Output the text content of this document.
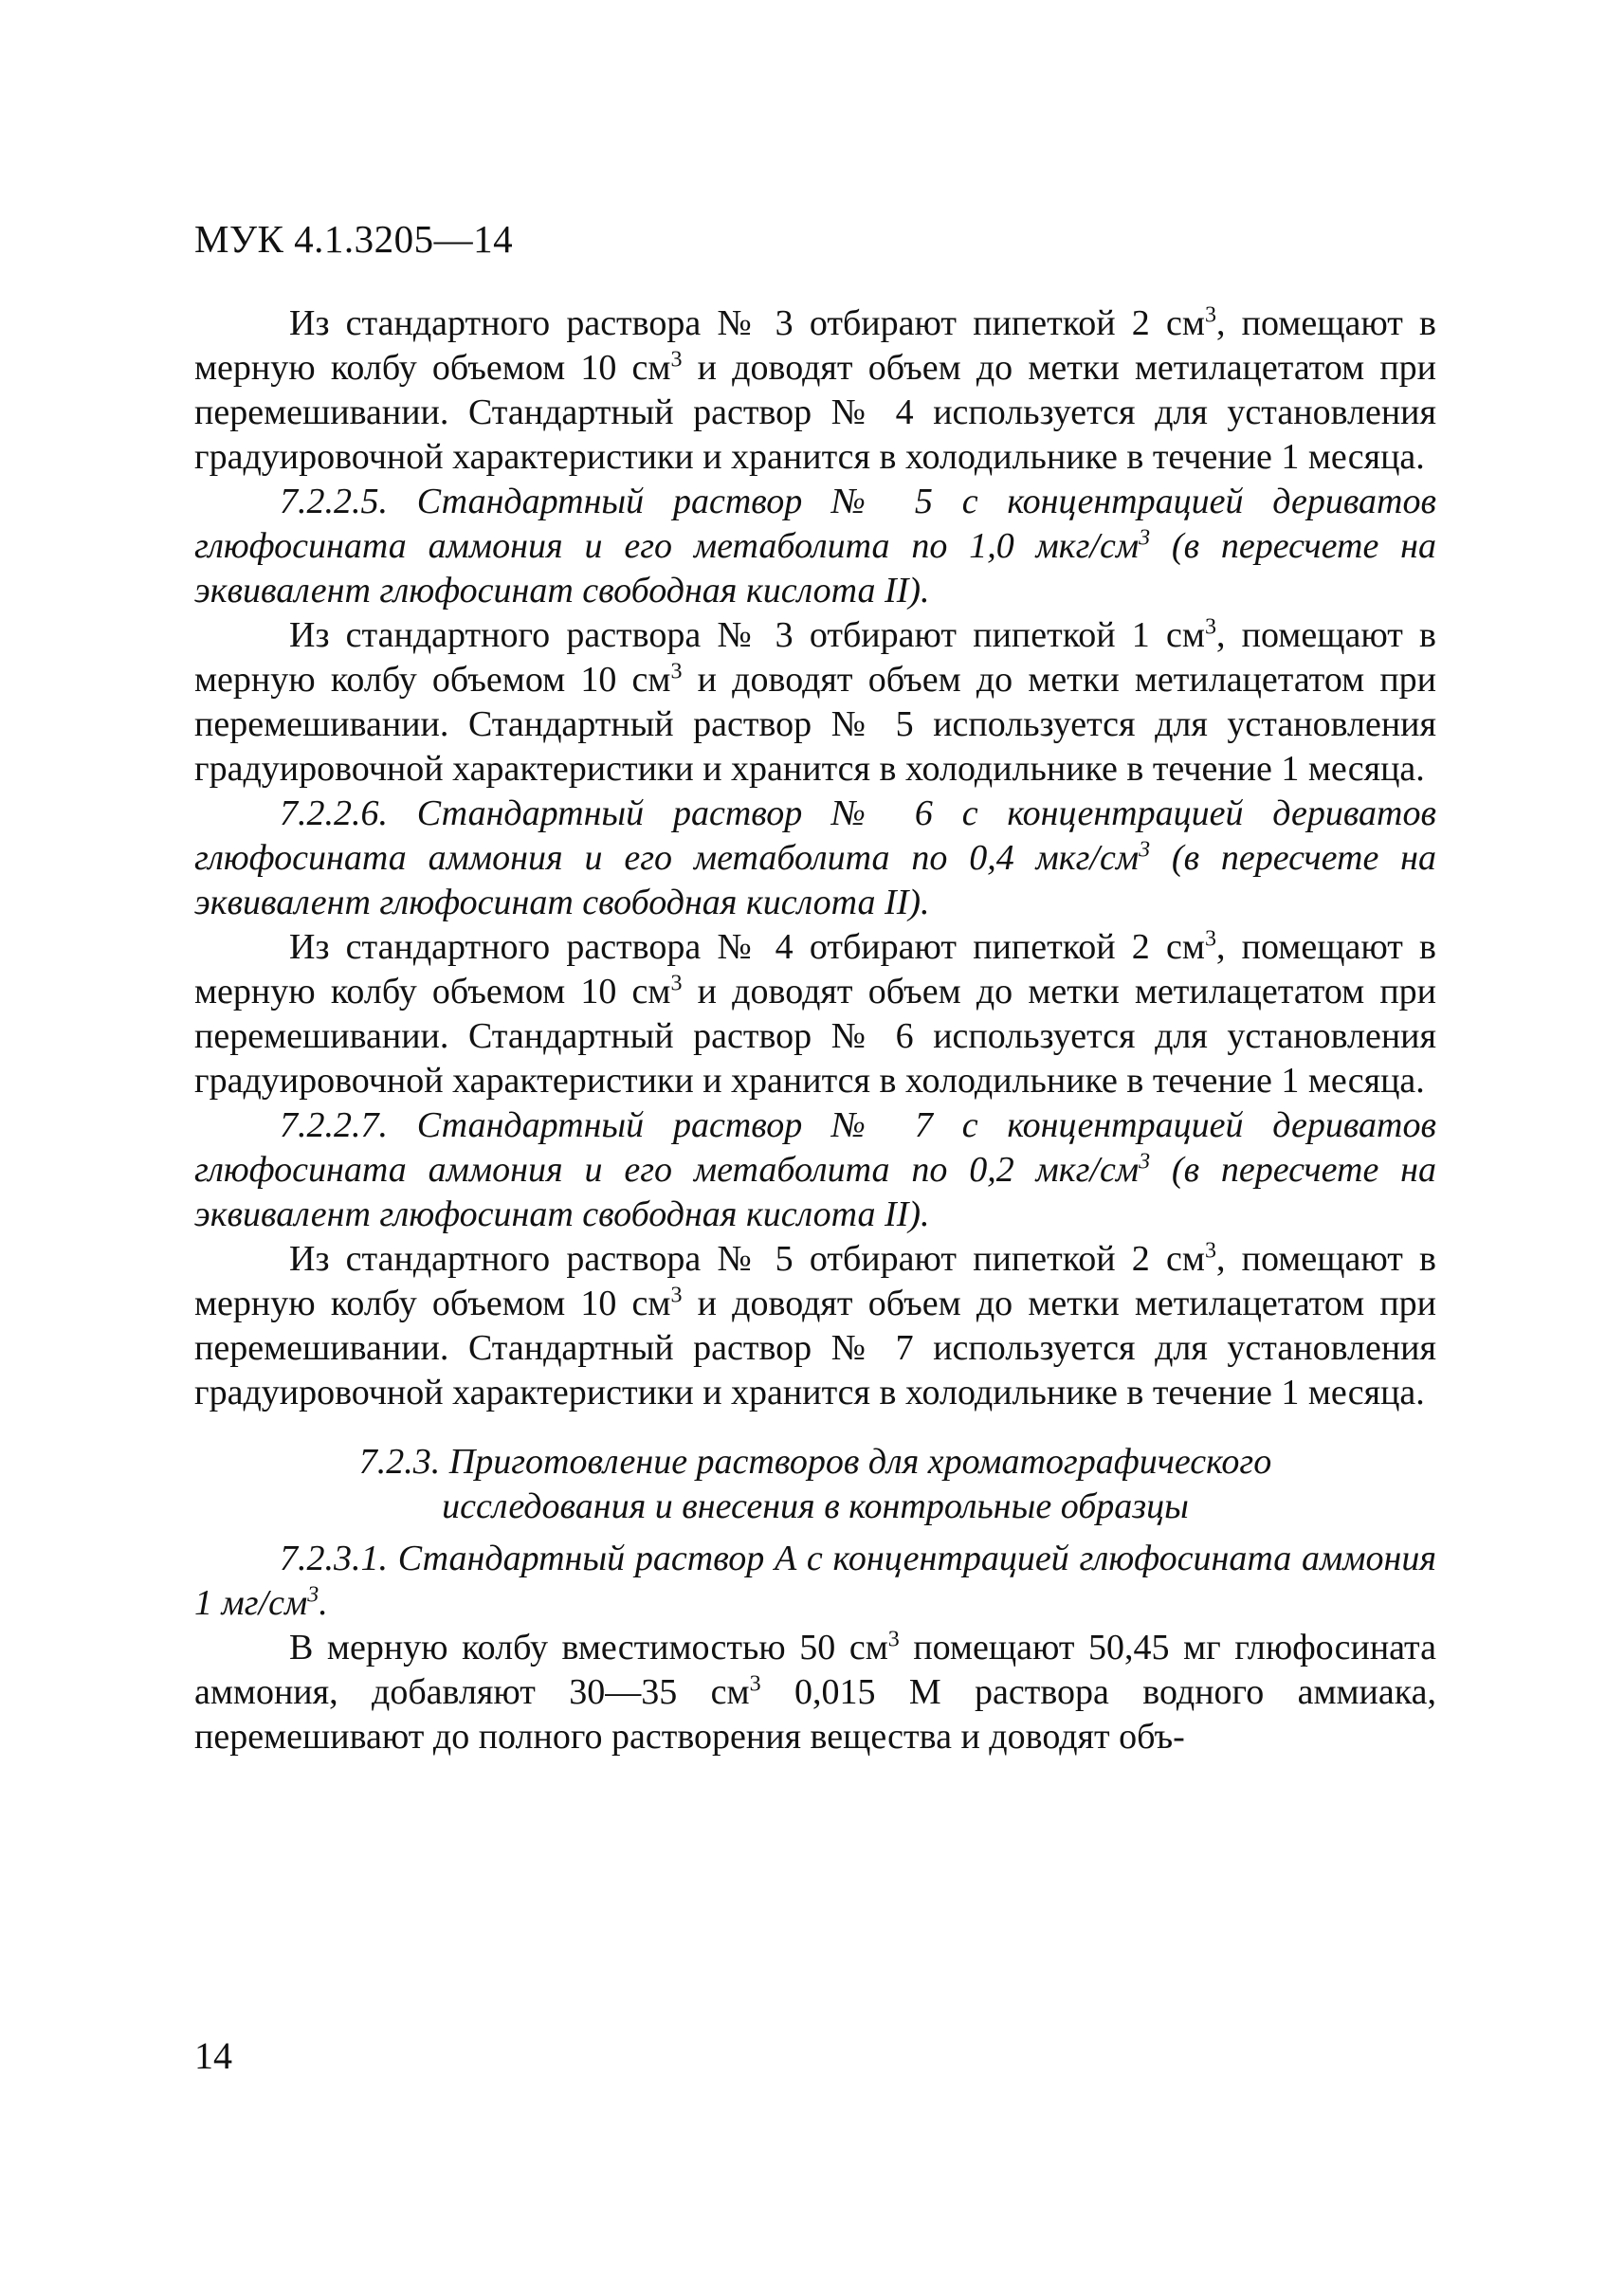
МУК 4.1.3205—14

Из стандартного раствора № 3 отбирают пипеткой 2 $см^3$, помещают в мерную колбу объемом 10 $см^3$ и доводят объем до метки метилацетатом при перемешивании. Стандартный раствор № 4 используется для установления градуировочной характеристики и хранится в холодильнике в течение 1 месяца.

7.2.2.5. Стандартный раствор № 5 с концентрацией дериватов глюфосината аммония и его метаболита по 1,0 мкг/$см^3$ (в пересчете на эквивалент глюфосинат свободная кислота II).

Из стандартного раствора № 3 отбирают пипеткой 1 $см^3$, помещают в мерную колбу объемом 10 $см^3$ и доводят объем до метки метилацетатом при перемешивании. Стандартный раствор № 5 используется для установления градуировочной характеристики и хранится в холодильнике в течение 1 месяца.

7.2.2.6. Стандартный раствор № 6 с концентрацией дериватов глюфосината аммония и его метаболита по 0,4 мкг/$см^3$ (в пересчете на эквивалент глюфосинат свободная кислота II).

Из стандартного раствора № 4 отбирают пипеткой 2 $см^3$, помещают в мерную колбу объемом 10 $см^3$ и доводят объем до метки метилацетатом при перемешивании. Стандартный раствор № 6 используется для установления градуировочной характеристики и хранится в холодильнике в течение 1 месяца.

7.2.2.7. Стандартный раствор № 7 с концентрацией дериватов глюфосината аммония и его метаболита по 0,2 мкг/$см^3$ (в пересчете на эквивалент глюфосинат свободная кислота II).

Из стандартного раствора № 5 отбирают пипеткой 2 $см^3$, помещают в мерную колбу объемом 10 $см^3$ и доводят объем до метки метилацетатом при перемешивании. Стандартный раствор № 7 используется для установления градуировочной характеристики и хранится в холодильнике в течение 1 месяца.

7.2.3. Приготовление растворов для хроматографического
исследования и внесения в контрольные образцы

7.2.3.1. Стандартный раствор А с концентрацией глюфосината аммония 1 $мг/см^3$.

В мерную колбу вместимостью 50 $см^3$ помещают 50,45 мг глюфосината аммония, добавляют 30—35 $см^3$ 0,015 М раствора водного аммиака, перемешивают до полного растворения вещества и доводят объ-

14
